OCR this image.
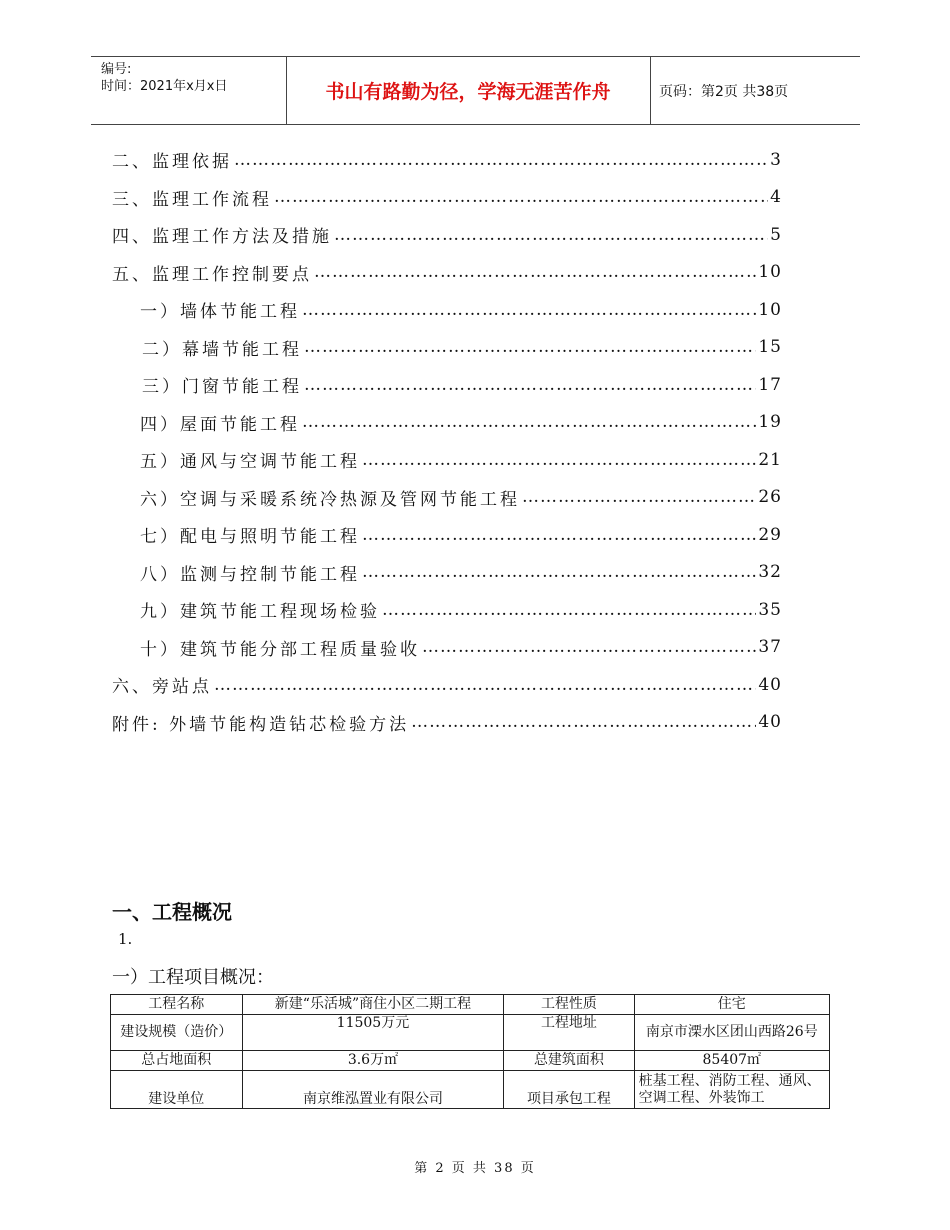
编号:
时间：2021年x月x日	书山有路勤为径，学海无涯苦作舟	页码：第2页 共38页
二、监理依据 ……………………………………………………………………………………………………………………………………	3
三、监理工作流程 ……………………………………………………………………………………………………………………………………	4
四、监理工作方法及措施 ……………………………………………………………………………………………………………………………………	5
五、监理工作控制要点 ……………………………………………………………………………………………………………………………………	10
一）墙体节能工程 ……………………………………………………………………………………………………………………………………	10
二）幕墙节能工程 ……………………………………………………………………………………………………………………………………	15
三）门窗节能工程 ……………………………………………………………………………………………………………………………………	17
四）屋面节能工程 ……………………………………………………………………………………………………………………………………	19
五）通风与空调节能工程 ……………………………………………………………………………………………………………………………………	21
六）空调与采暖系统冷热源及管网节能工程 ……………………………………………………………………………………………………………………………………	26
七）配电与照明节能工程 ……………………………………………………………………………………………………………………………………	29
八）监测与控制节能工程 ……………………………………………………………………………………………………………………………………	32
九）建筑节能工程现场检验 ……………………………………………………………………………………………………………………………………	35
十）建筑节能分部工程质量验收 ……………………………………………………………………………………………………………………………………	37
六、旁站点 ……………………………………………………………………………………………………………………………………	40
附件: 外墙节能构造钻芯检验方法 ……………………………………………………………………………………………………………………………………	40
一、工程概况
1.
一）工程项目概况：
工程名称	新建“乐活城”商住小区二期工程	工程性质	住宅
建设规模（造价）	11505万元	工程地址	南京市溧水区团山西路26号
总占地面积	3.6万㎡	总建筑面积	85407㎡
建设单位	南京维泓置业有限公司	项目承包工程	桩基工程、消防工程、通风、空调工程、外装饰工
第 2 页 共 38 页
